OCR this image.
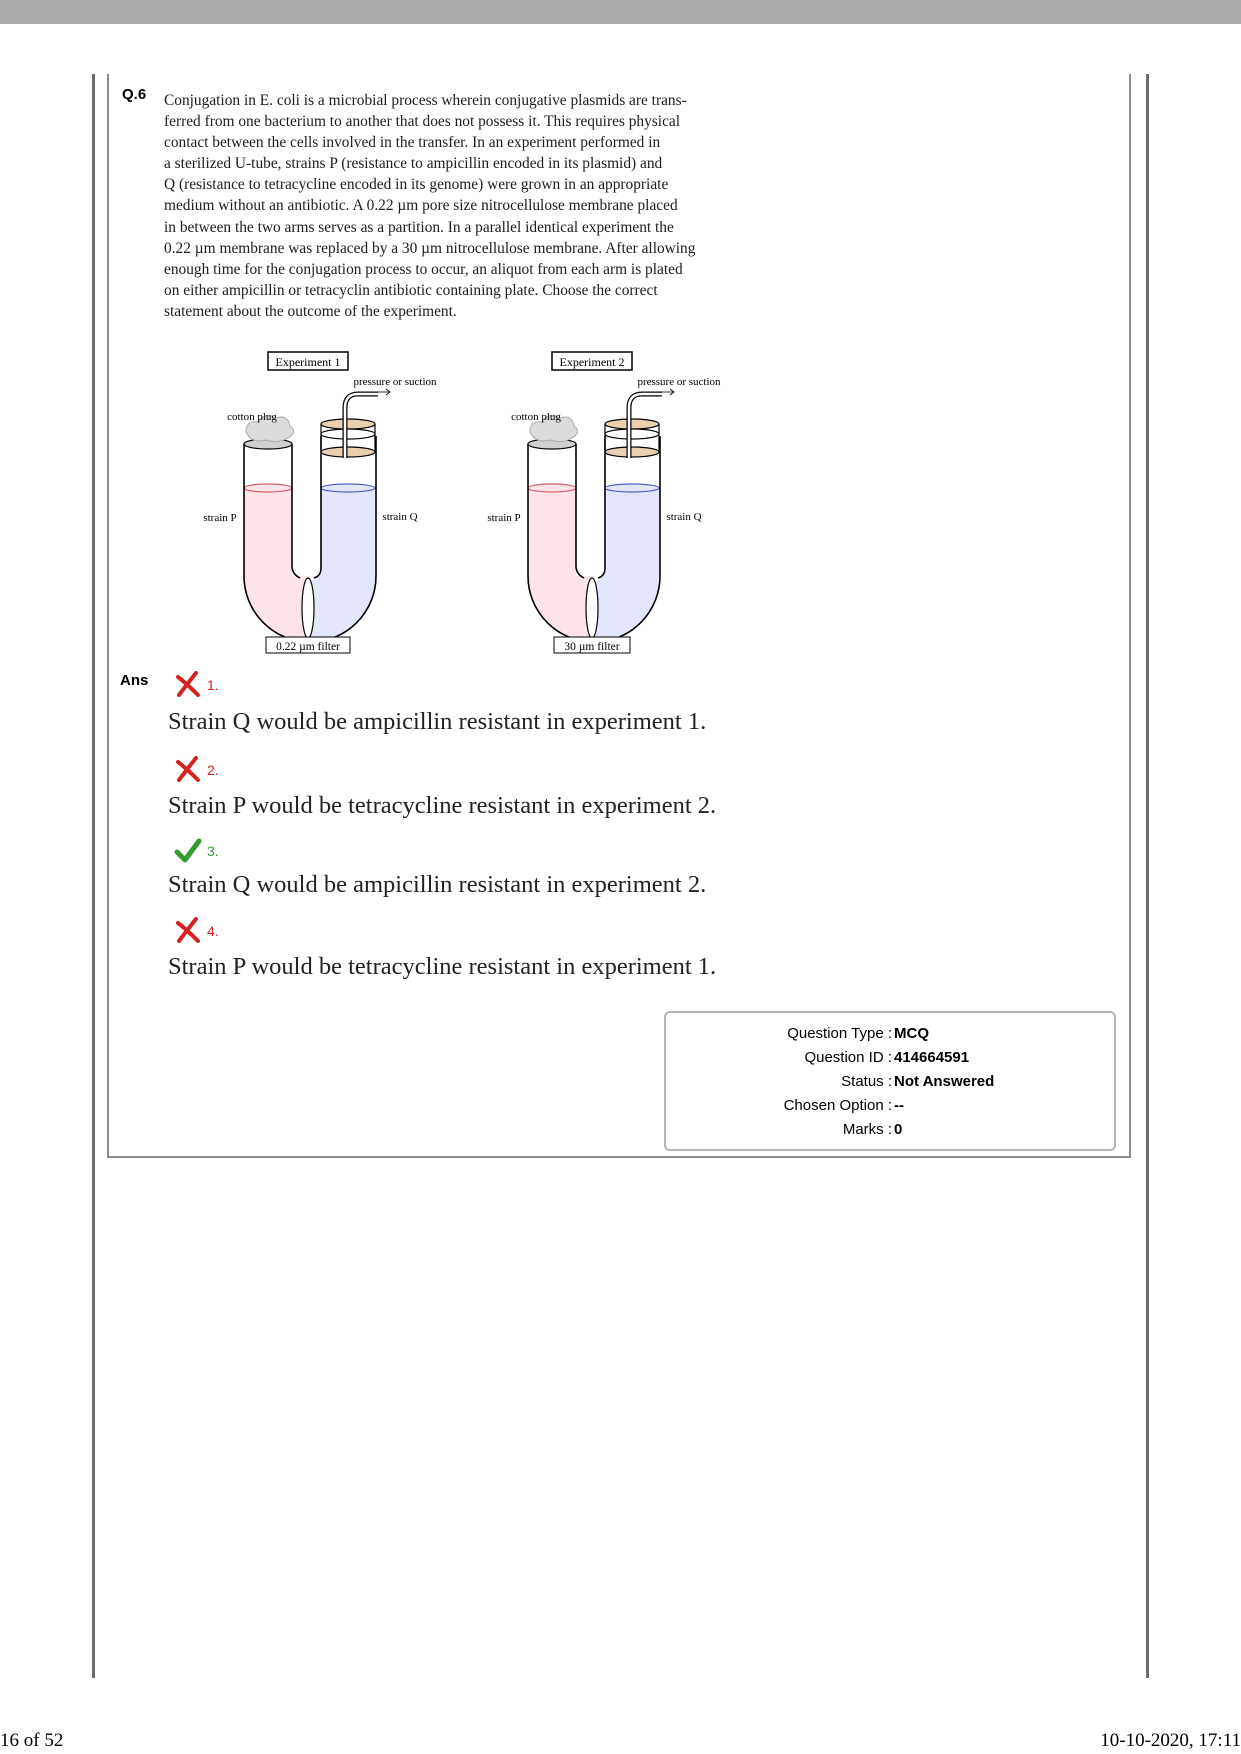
Q.6 Conjugation in E. coli is a microbial process wherein conjugative plasmids are trans-

ferred from one bacterium to another that does not possess it. This requires physical

contact between the cells involved in the transfer. In an experiment performed in

a sterilized U-tube, strains P (resistance to ampicillin encoded in its plasmid) and

Q (resistance to tetracycline encoded in its genome) were grown in an appropriate

medium without an antibiotic. A 0.22 µm pore size nitrocellulose membrane placed

in between the two arms serves as a partition. In a parallel identical experiment the

0.22 µm membrane was replaced by a 30 µm nitrocellulose membrane. After allowing

enough time for the conjugation process to occur, an aliquot from each arm is plated

on either ampicillin or tetracyclin antibiotic containing plate. Choose the correct

statement about the outcome of the experiment.

Experiment 1
pressure or suction
cotton plug
strain P	strain Q
0.22 µm filter
Experiment 2
pressure or suction
cotton plug
strain P	strain Q
30 µm filter
Ans	1.
Strain Q would be ampicillin resistant in experiment 1.
2.
Strain P would be tetracycline resistant in experiment 2.
3.
Strain Q would be ampicillin resistant in experiment 2.
4.
Strain P would be tetracycline resistant in experiment 1.
Question Type : MCQ
Question ID : 414664591
Status : Not Answered
Chosen Option : --
Marks : 0
16 of 52	10-10-2020, 17:11
